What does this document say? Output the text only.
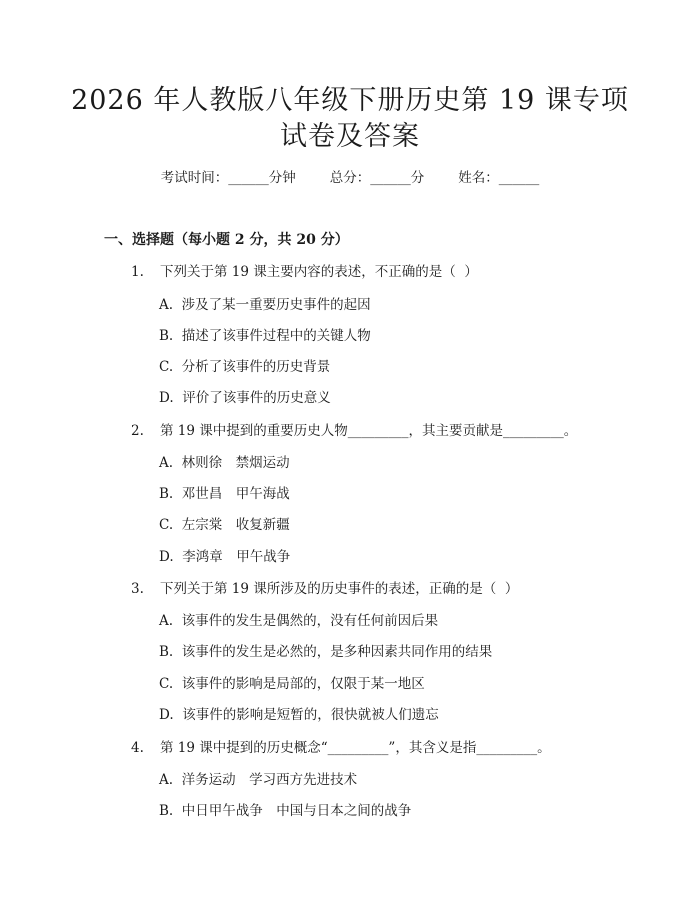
2026 年人教版八年级下册历史第 19 课专项
试卷及答案
考试时间：______分钟	总分：______分	姓名：______
一、选择题（每小题 2 分，共 20 分）
1. 下列关于第 19 课主要内容的表述，不正确的是（  ）
A.  涉及了某一重要历史事件的起因
B.  描述了该事件过程中的关键人物
C.  分析了该事件的历史背景
D.  评价了该事件的历史意义
2. 第 19 课中提到的重要历史人物_________，其主要贡献是_________。
A.  林则徐　禁烟运动
B.  邓世昌　甲午海战
C.  左宗棠　收复新疆
D.  李鸿章　甲午战争
3. 下列关于第 19 课所涉及的历史事件的表述，正确的是（  ）
A.  该事件的发生是偶然的，没有任何前因后果
B.  该事件的发生是必然的，是多种因素共同作用的结果
C.  该事件的影响是局部的，仅限于某一地区
D.  该事件的影响是短暂的，很快就被人们遗忘
4. 第 19 课中提到的历史概念“_________”，其含义是指_________。
A.  洋务运动　学习西方先进技术
B.  中日甲午战争　中国与日本之间的战争
